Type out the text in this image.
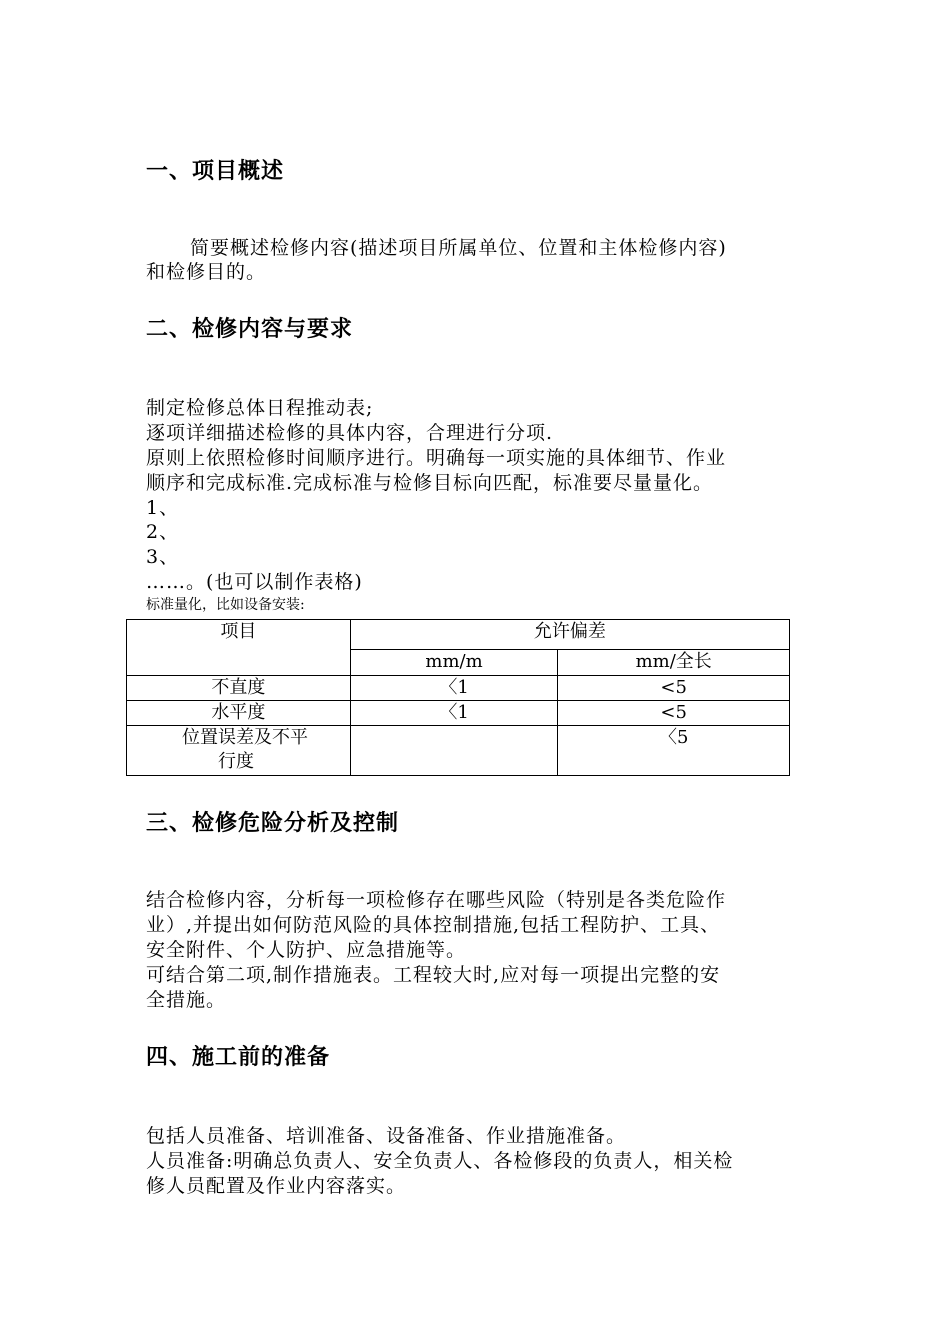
一、项目概述
简要概述检修内容(描述项目所属单位、位置和主体检修内容)
和检修目的。
二、检修内容与要求
制定检修总体日程推动表;
逐项详细描述检修的具体内容，合理进行分项.
原则上依照检修时间顺序进行。明确每一项实施的具体细节、作业
顺序和完成标准.完成标准与检修目标向匹配，标准要尽量量化。
1、
2、
3、
……。(也可以制作表格)
标准量化，比如设备安装:
项目	允许偏差	
	mm/m	mm/全长
不直度	〈1	<5
水平度	〈1	<5

位置误差及不平
行度		〈5
三、检修危险分析及控制
结合检修内容，分析每一项检修存在哪些风险（特别是各类危险作
业）,并提出如何防范风险的具体控制措施,包括工程防护、工具、
安全附件、个人防护、应急措施等。
可结合第二项,制作措施表。工程较大时,应对每一项提出完整的安
全措施。
四、施工前的准备
包括人员准备、培训准备、设备准备、作业措施准备。
人员准备:明确总负责人、安全负责人、各检修段的负责人，相关检
修人员配置及作业内容落实。
